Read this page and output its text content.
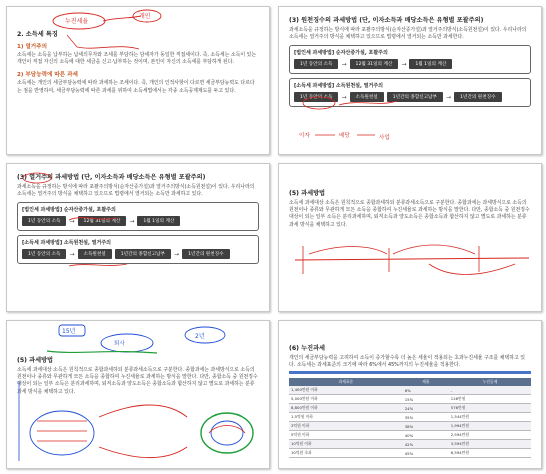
2. 소득세 특징
1) 열거주의
소득세는 소득을 납부하는 납세의무자와 조세를 부담하는 담세자가 동일한 직접세이다. 즉, 소득세는 소득이 있는 개인이 직접 자신의 소득에 대한 세금을 신고·납부하는 것이며, 본인이 자신의 소득세를 부담하게 된다.
2) 부담능력에 따른 과세
소득세는 개인의 세금부담능력에 따라 과세하는 조세이다. 즉, 개인의 인적사항이 다르면 세금부담능력도 다르다는 점을 반영하여, 세금부담능력에 따른 과세를 위하여 소득세법에서는 각종 소득공제제도를 두고 있다.
누진세율
개인
(3) 원천징수의 과세방법 (단, 이자소득과 배당소득은 유형별 포괄주의)
과세소득을 규정하는 방식에 따라 포괄주의방식(순자산증가설)과 열거주의방식(소득원천설)이 있다. 우리나라의 소득세는 열거주의 방식을 채택하고 있으므로 법령에서 열거되는 소득만 과세한다.
[법인세 과세방법] 순자산증가설, 포괄주의
1년 동안의 소득	→	12월 31일의 계산	→	1월 1일의 계산
[소득세 과세방법] 소득원천설, 열거주의
1년 동안의 소득	→	소득원천설	1년간의 종합신고납부	→	1년간의 원천징수
이자	배당	사업
(3) 열거주의 과세방법 (단, 이자소득과 배당소득은 유형별 포괄주의)
과세소득을 규정하는 방식에 따라 포괄주의방식(순자산증가설)과 열거주의방식(소득원천설)이 있다. 우리나라의 소득세는 열거주의 방식을 채택하고 있으므로 법령에서 열거되는 소득만 과세하고 있다.
[법인세 과세방법] 순자산증가설, 포괄주의
1년 동안의 소득	→	12월 31일의 계산	→	1월 1일의 계산
[소득세 과세방법] 소득원천설, 열거주의
1년 동안의 소득	→	소득원천설	1년간의 종합신고납부	→	1년간의 원천징수
(5) 과세방법
소득세 과세대상 소득은 원칙적으로 종합과세하되 분류과세소득으로 구분한다. 종합과세는 과세방식으로 소득의 원천이나 종류와 무관하게 모든 소득을 종합하여 누진세율로 과세하는 방식을 말한다. 다만, 종합소득 중 원천징수 대상이 되는 일부 소득은 분리과세하며, 퇴직소득과 양도소득은 종합소득과 합산하지 않고 별도로 과세하는 분류과세 방식을 채택하고 있다.
(5) 과세방법
소득세 과세대상 소득은 원칙적으로 종합과세하되 분류과세소득으로 구분한다. 종합과세는 과세방식으로 소득의 원천이나 종류와 무관하게 모든 소득을 종합하여 누진세율로 과세하는 방식을 말한다. 다만, 종합소득 중 원천징수 대상이 되는 일부 소득은 분리과세하며, 퇴직소득과 양도소득은 종합소득과 합산하지 않고 별도로 과세하는 분류과세 방식을 채택하고 있다.
15년
퇴사
2년
(6) 누진과세
개인의 세금부담능력을 고려하여 소득이 증가할수록 더 높은 세율이 적용되는 초과누진세율 구조를 채택하고 있다. 소득세는 과세표준의 크기에 따라 6%에서 45%까지의 누진세율을 적용한다.
과세표준	세율	누진공제
1,400만원 이하	6%	-
5,000만원 이하	15%	126만원
8,800만원 이하	24%	576만원
1.5억원 이하	35%	1,544만원
3억원 이하	38%	1,994만원
5억원 이하	40%	2,594만원
10억원 이하	42%	3,594만원
10억원 초과	45%	6,594만원
